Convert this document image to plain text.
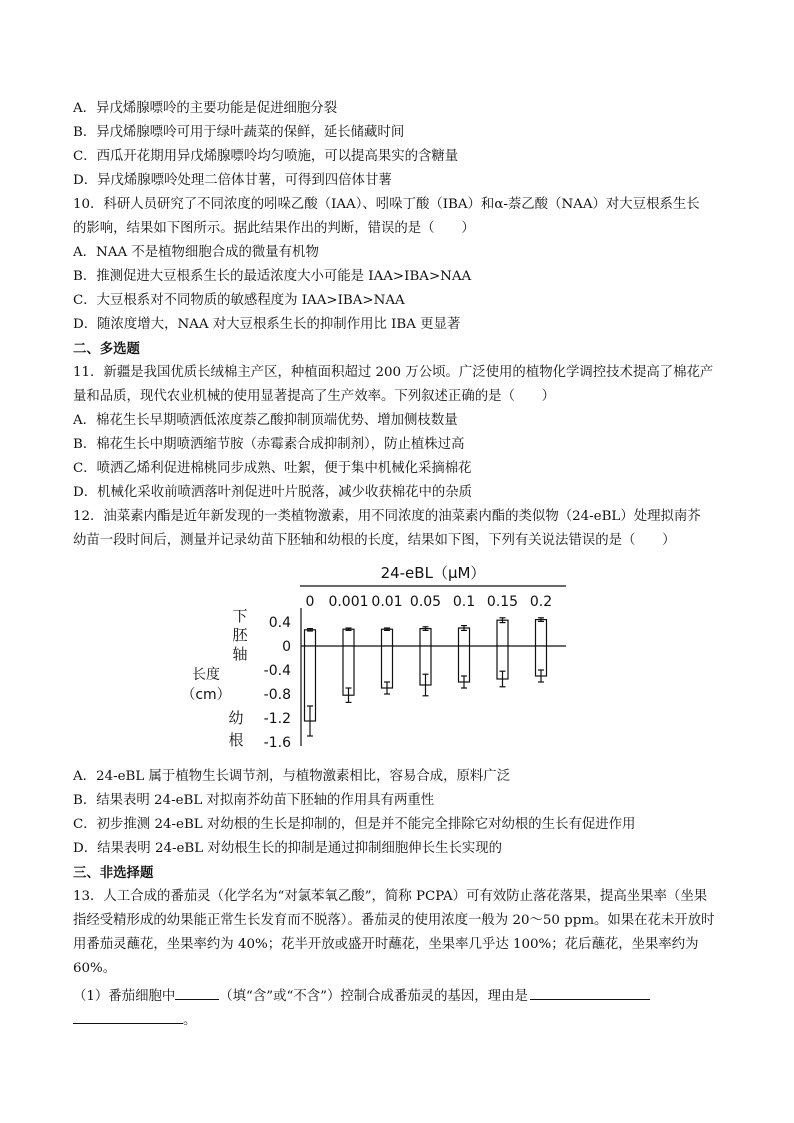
A．异戊烯腺嘌呤的主要功能是促进细胞分裂
B．异戊烯腺嘌呤可用于绿叶蔬菜的保鲜，延长储藏时间
C．西瓜开花期用异戊烯腺嘌呤均匀喷施，可以提高果实的含糖量
D．异戊烯腺嘌呤处理二倍体甘薯，可得到四倍体甘薯
10．科研人员研究了不同浓度的吲哚乙酸（IAA）、吲哚丁酸（IBA）和α-萘乙酸（NAA）对大豆根系生长
的影响，结果如下图所示。据此结果作出的判断，错误的是（　　）
A．NAA 不是植物细胞合成的微量有机物
B．推测促进大豆根系生长的最适浓度大小可能是 IAA>IBA>NAA
C．大豆根系对不同物质的敏感程度为 IAA>IBA>NAA
D．随浓度增大，NAA 对大豆根系生长的抑制作用比 IBA 更显著
二、多选题
11．新疆是我国优质长绒棉主产区，种植面积超过 200 万公顷。广泛使用的植物化学调控技术提高了棉花产
量和品质，现代农业机械的使用显著提高了生产效率。下列叙述正确的是（　　）
A．棉花生长早期喷洒低浓度萘乙酸抑制顶端优势、增加侧枝数量
B．棉花生长中期喷洒缩节胺（赤霉素合成抑制剂），防止植株过高
C．喷洒乙烯利促进棉桃同步成熟、吐絮，便于集中机械化采摘棉花
D．机械化采收前喷洒落叶剂促进叶片脱落，减少收获棉花中的杂质
12．油菜素内酯是近年新发现的一类植物激素，用不同浓度的油菜素内酯的类似物（24-eBL）处理拟南芥
幼苗一段时间后，测量并记录幼苗下胚轴和幼根的长度，结果如下图，下列有关说法错误的是（　　）
24-eBL（μM）
0 0.001 0.01 0.05 0.1 0.15 0.2
下胚轴
幼根
长度（cm）
0.4
0
-0.4
-0.8
-1.2
-1.6
A．24-eBL 属于植物生长调节剂，与植物激素相比，容易合成，原料广泛
B．结果表明 24-eBL 对拟南芥幼苗下胚轴的作用具有两重性
C．初步推测 24-eBL 对幼根的生长是抑制的，但是并不能完全排除它对幼根的生长有促进作用
D．结果表明 24-eBL 对幼根生长的抑制是通过抑制细胞伸长生长实现的
三、非选择题
13．人工合成的番茄灵（化学名为“对氯苯氧乙酸”，简称 PCPA）可有效防止落花落果，提高坐果率（坐果
指经受精形成的幼果能正常生长发育而不脱落）。番茄灵的使用浓度一般为 20～50 ppm。如果在花未开放时
用番茄灵蘸花，坐果率约为 40%；花半开放或盛开时蘸花，坐果率几乎达 100%；花后蘸花，坐果率约为
60%。
（1）番茄细胞中	（填“含”或“不含”）控制合成番茄灵的基因，理由是
。
